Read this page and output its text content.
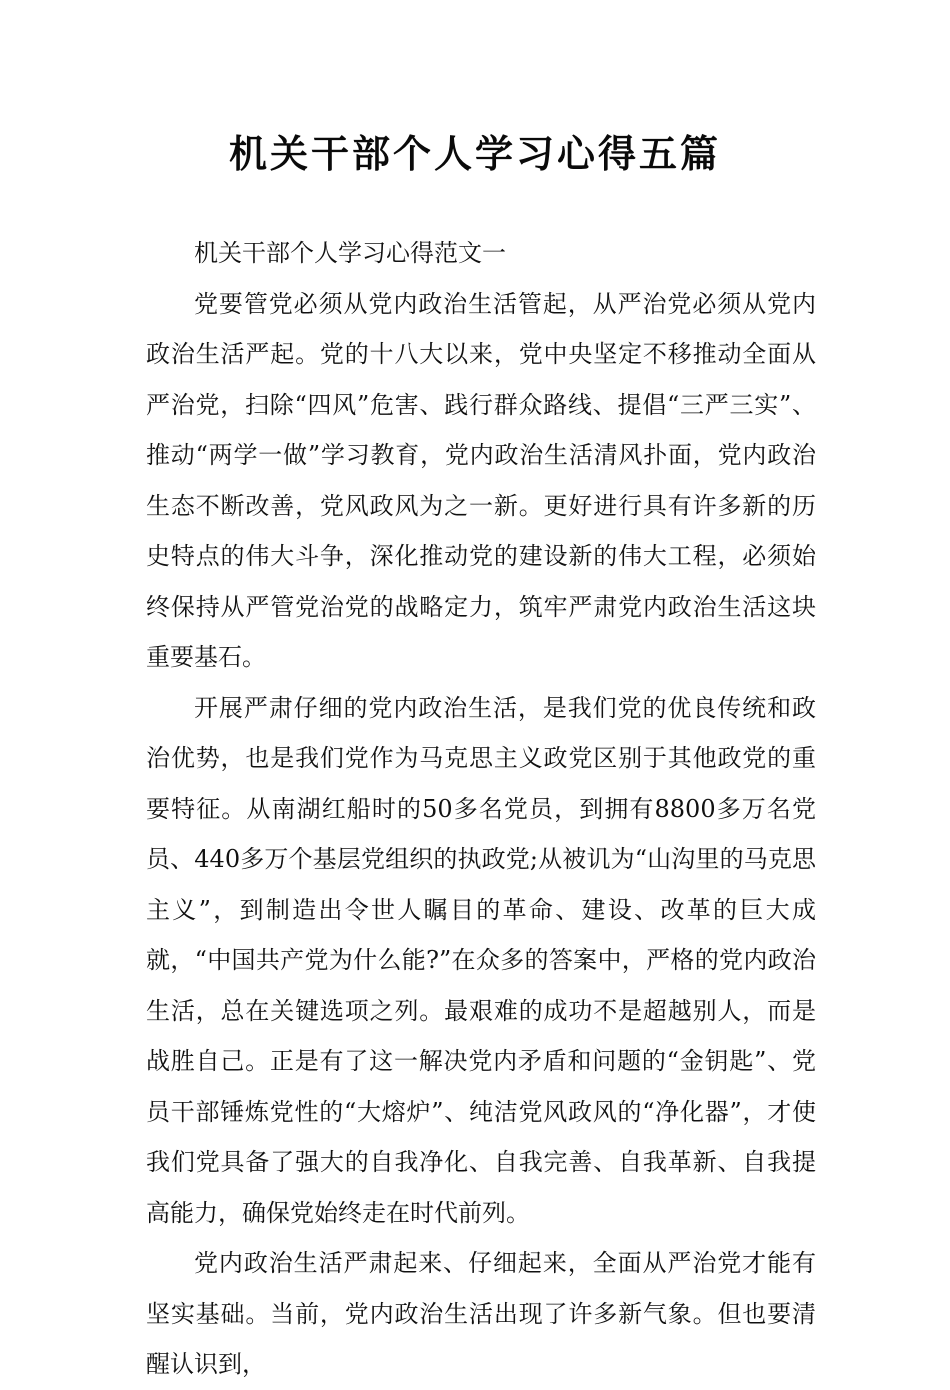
机关干部个人学习心得五篇

机关干部个人学习心得范文一

党要管党必须从党内政治生活管起，从严治党必须从党内政治生活严起。党的十八大以来，党中央坚定不移推动全面从严治党，扫除“四风”危害、践行群众路线、提倡“三严三实”、推动“两学一做”学习教育，党内政治生活清风扑面，党内政治生态不断改善，党风政风为之一新。更好进行具有许多新的历史特点的伟大斗争，深化推动党的建设新的伟大工程，必须始终保持从严管党治党的战略定力，筑牢严肃党内政治生活这块重要基石。

开展严肃仔细的党内政治生活，是我们党的优良传统和政治优势，也是我们党作为马克思主义政党区别于其他政党的重要特征。从南湖红船时的50多名党员，到拥有8800多万名党员、440多万个基层党组织的执政党;从被讥为“山沟里的马克思主义”，到制造出令世人瞩目的革命、建设、改革的巨大成就，“中国共产党为什么能?”在众多的答案中，严格的党内政治生活，总在关键选项之列。最艰难的成功不是超越别人，而是战胜自己。正是有了这一解决党内矛盾和问题的“金钥匙”、党员干部锤炼党性的“大熔炉”、纯洁党风政风的“净化器”，才使我们党具备了强大的自我净化、自我完善、自我革新、自我提高能力，确保党始终走在时代前列。

党内政治生活严肃起来、仔细起来，全面从严治党才能有坚实基础。当前，党内政治生活出现了许多新气象。但也要清醒认识到，
